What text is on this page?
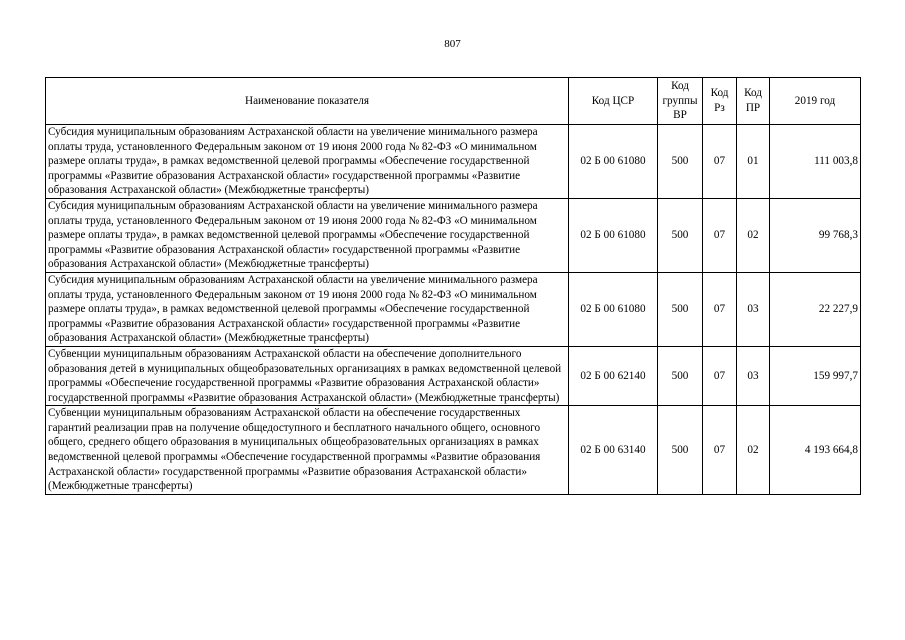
807
Наименование показателя	Код ЦСР	Код группы ВР	Код Рз	Код ПР	2019 год
Субсидия муниципальным образованиям Астраханской области на увеличение минимального размера оплаты труда, установленного Федеральным законом от 19 июня 2000 года № 82-ФЗ «О минимальном размере оплаты труда», в рамках ведомственной целевой программы «Обеспечение государственной программы «Развитие образования Астраханской области» государственной программы «Развитие образования Астраханской области» (Межбюджетные трансферты)	02 Б 00 61080	500	07	01	111 003,8
Субсидия муниципальным образованиям Астраханской области на увеличение минимального размера оплаты труда, установленного Федеральным законом от 19 июня 2000 года № 82-ФЗ «О минимальном размере оплаты труда», в рамках ведомственной целевой программы «Обеспечение государственной программы «Развитие образования Астраханской области» государственной программы «Развитие образования Астраханской области» (Межбюджетные трансферты)	02 Б 00 61080	500	07	02	99 768,3
Субсидия муниципальным образованиям Астраханской области на увеличение минимального размера оплаты труда, установленного Федеральным законом от 19 июня 2000 года № 82-ФЗ «О минимальном размере оплаты труда», в рамках ведомственной целевой программы «Обеспечение государственной программы «Развитие образования Астраханской области» государственной программы «Развитие образования Астраханской области» (Межбюджетные трансферты)	02 Б 00 61080	500	07	03	22 227,9
Субвенции муниципальным образованиям Астраханской области на обеспечение дополнительного образования детей в муниципальных общеобразовательных организациях в рамках ведомственной целевой программы «Обеспечение государственной программы «Развитие образования Астраханской области» государственной программы «Развитие образования Астраханской области» (Межбюджетные трансферты)	02 Б 00 62140	500	07	03	159 997,7
Субвенции муниципальным образованиям Астраханской области на обеспечение государственных гарантий реализации прав на получение общедоступного и бесплатного начального общего, основного общего, среднего общего образования в муниципальных общеобразовательных организациях в рамках ведомственной целевой программы «Обеспечение государственной программы «Развитие образования Астраханской области» государственной программы «Развитие образования Астраханской области» (Межбюджетные трансферты)	02 Б 00 63140	500	07	02	4 193 664,8
